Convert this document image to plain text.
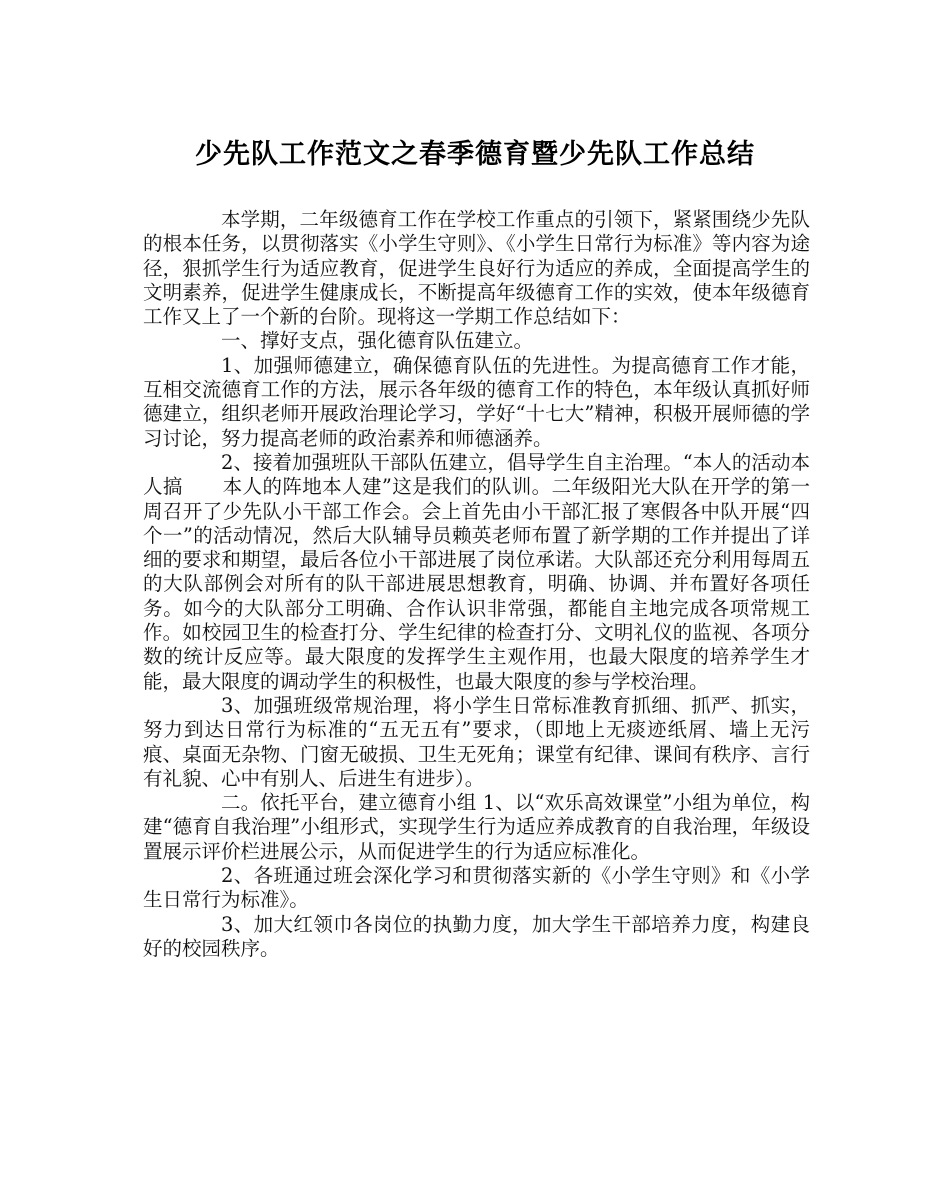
少先队工作范文之春季德育暨少先队工作总结

本学期，二年级德育工作在学校工作重点的引领下，紧紧围绕少先队的根本任务，以贯彻落实《小学生守则》、《小学生日常行为标准》等内容为途径，狠抓学生行为适应教育，促进学生良好行为适应的养成，全面提高学生的文明素养，促进学生健康成长，不断提高年级德育工作的实效，使本年级德育工作又上了一个新的台阶。现将这一学期工作总结如下：

一、撑好支点，强化德育队伍建立。

1、加强师德建立，确保德育队伍的先进性。为提高德育工作才能，互相交流德育工作的方法，展示各年级的德育工作的特色，本年级认真抓好师德建立，组织老师开展政治理论学习，学好“十七大”精神，积极开展师德的学习讨论，努力提高老师的政治素养和师德涵养。

2、接着加强班队干部队伍建立，倡导学生自主治理。“本人的活动本人搞　　本人的阵地本人建”这是我们的队训。二年级阳光大队在开学的第一周召开了少先队小干部工作会。会上首先由小干部汇报了寒假各中队开展“四个一”的活动情况，然后大队辅导员赖英老师布置了新学期的工作并提出了详细的要求和期望，最后各位小干部进展了岗位承诺。大队部还充分利用每周五的大队部例会对所有的队干部进展思想教育，明确、协调、并布置好各项任务。如今的大队部分工明确、合作认识非常强，都能自主地完成各项常规工作。如校园卫生的检查打分、学生纪律的检查打分、文明礼仪的监视、各项分数的统计反应等。最大限度的发挥学生主观作用，也最大限度的培养学生才能，最大限度的调动学生的积极性，也最大限度的参与学校治理。

3、加强班级常规治理，将小学生日常标准教育抓细、抓严、抓实，努力到达日常行为标准的“五无五有”要求，（即地上无痰迹纸屑、墙上无污痕、桌面无杂物、门窗无破损、卫生无死角；课堂有纪律、课间有秩序、言行有礼貌、心中有别人、后进生有进步）。

二。依托平台，建立德育小组 1、以“欢乐高效课堂”小组为单位，构建“德育自我治理”小组形式，实现学生行为适应养成教育的自我治理，年级设置展示评价栏进展公示，从而促进学生的行为适应标准化。

2、各班通过班会深化学习和贯彻落实新的《小学生守则》和《小学生日常行为标准》。

3、加大红领巾各岗位的执勤力度，加大学生干部培养力度，构建良好的校园秩序。
